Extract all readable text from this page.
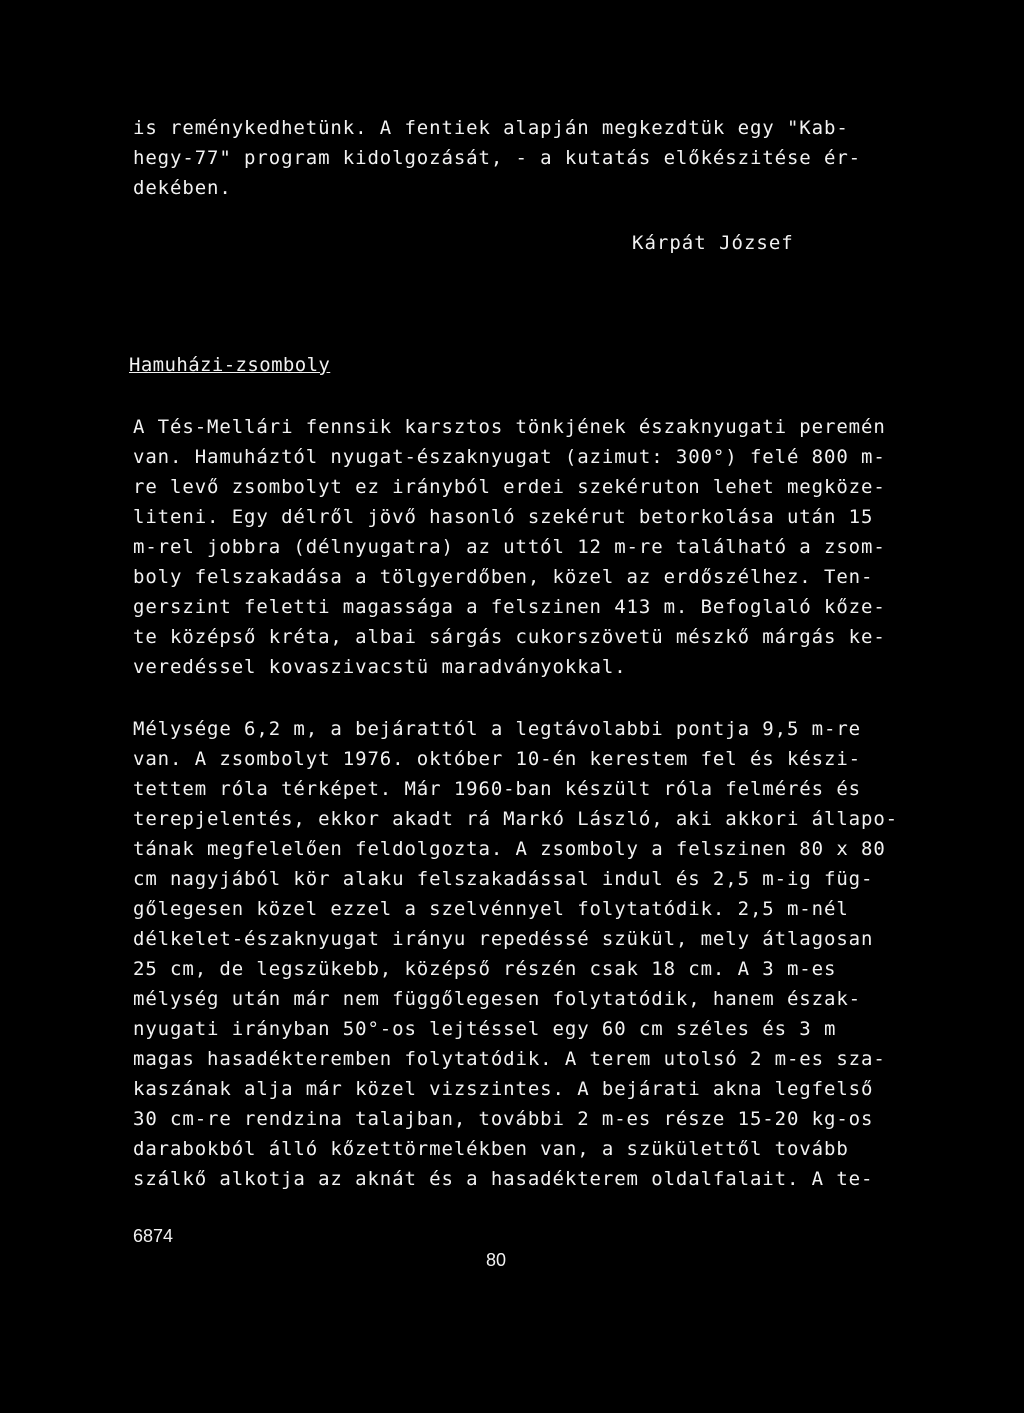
is reménykedhetünk. A fentiek alapján megkezdtük egy "Kab-
hegy-77" program kidolgozását, - a kutatás előkészitése ér-
dekében.
Kárpát József
Hamuházi-zsomboly
A Tés-Mellári fennsik karsztos tönkjének északnyugati peremén
van. Hamuháztól nyugat-északnyugat (azimut: 300°) felé 800 m-
re levő zsombolyt ez irányból erdei szekéruton lehet megköze-
liteni. Egy délről jövő hasonló szekérut betorkolása után 15
m-rel jobbra (délnyugatra) az uttól 12 m-re található a zsom-
boly felszakadása a tölgyerdőben, közel az erdőszélhez. Ten-
gerszint feletti magassága a felszinen 413 m. Befoglaló kőze-
te középső kréta, albai sárgás cukorszövetü mészkő márgás ke-
veredéssel kovaszivacstü maradványokkal.
Mélysége 6,2 m, a bejárattól a legtávolabbi pontja 9,5 m-re
van. A zsombolyt 1976. október 10-én kerestem fel és készi-
tettem róla térképet. Már 1960-ban készült róla felmérés és
terepjelentés, ekkor akadt rá Markó László, aki akkori állapo-
tának megfelelően feldolgozta. A zsomboly a felszinen 80 x 80
cm nagyjából kör alaku felszakadással indul és 2,5 m-ig füg-
gőlegesen közel ezzel a szelvénnyel folytatódik. 2,5 m-nél
délkelet-északnyugat irányu repedéssé szükül, mely átlagosan
25 cm, de legszükebb, középső részén csak 18 cm. A 3 m-es
mélység után már nem függőlegesen folytatódik, hanem észak-
nyugati irányban 50°-os lejtéssel egy 60 cm széles és 3 m
magas hasadékteremben folytatódik. A terem utolsó 2 m-es sza-
kaszának alja már közel vizszintes. A bejárati akna legfelső
30 cm-re rendzina talajban, további 2 m-es része 15-20 kg-os
darabokból álló kőzettörmelékben van, a szükülettől tovább
szálkő alkotja az aknát és a hasadékterem oldalfalait. A te-
6874
80
